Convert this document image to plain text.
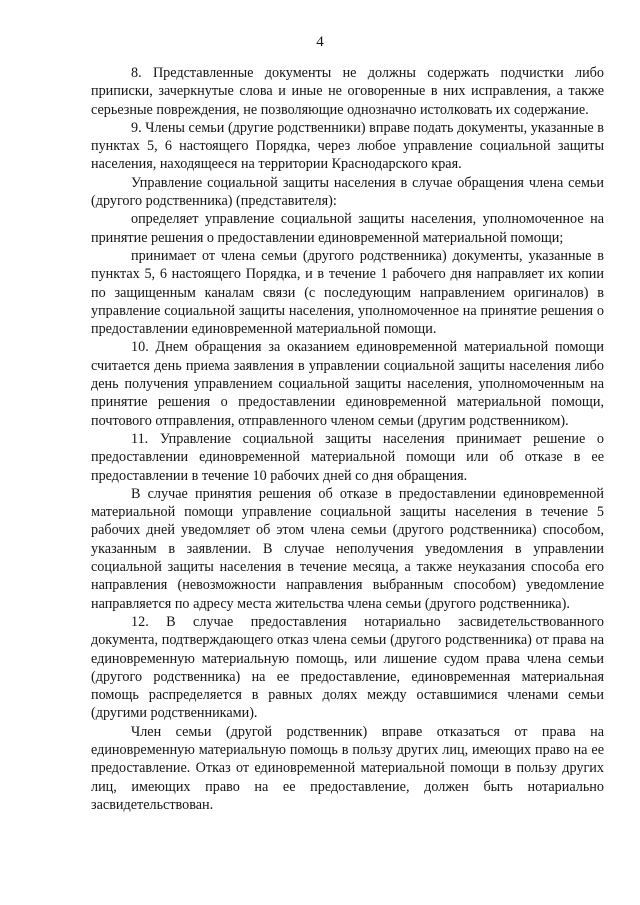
4

8. Представленные документы не должны содержать подчистки либо приписки, зачеркнутые слова и иные не оговоренные в них исправления, а также серьезные повреждения, не позволяющие однозначно истолковать их содержание.

9. Члены семьи (другие родственники) вправе подать документы, указанные в пунктах 5, 6 настоящего Порядка, через любое управление социальной защиты населения, находящееся на территории Краснодарского края.

Управление социальной защиты населения в случае обращения члена семьи (другого родственника) (представителя):

определяет управление социальной защиты населения, уполномоченное на принятие решения о предоставлении единовременной материальной помощи;

принимает от члена семьи (другого родственника) документы, указанные в пунктах 5, 6 настоящего Порядка, и в течение 1 рабочего дня направляет их копии по защищенным каналам связи (с последующим направлением оригиналов) в управление социальной защиты населения, уполномоченное на принятие решения о предоставлении единовременной материальной помощи.

10. Днем обращения за оказанием единовременной материальной помощи считается день приема заявления в управлении социальной защиты населения либо день получения управлением социальной защиты населения, уполномоченным на принятие решения о предоставлении единовременной материальной помощи, почтового отправления, отправленного членом семьи (другим родственником).

11. Управление социальной защиты населения принимает решение о предоставлении единовременной материальной помощи или об отказе в ее предоставлении в течение 10 рабочих дней со дня обращения.

В случае принятия решения об отказе в предоставлении единовременной материальной помощи управление социальной защиты населения в течение 5 рабочих дней уведомляет об этом члена семьи (другого родственника) способом, указанным в заявлении. В случае неполучения уведомления в управлении социальной защиты населения в течение месяца, а также неуказания способа его направления (невозможности направления выбранным способом) уведомление направляется по адресу места жительства члена семьи (другого родственника).

12. В случае предоставления нотариально засвидетельствованного документа, подтверждающего отказ члена семьи (другого родственника) от права на единовременную материальную помощь, или лишение судом права члена семьи (другого родственника) на ее предоставление, единовременная материальная помощь распределяется в равных долях между оставшимися членами семьи (другими родственниками).

Член семьи (другой родственник) вправе отказаться от права на единовременную материальную помощь в пользу других лиц, имеющих право на ее предоставление. Отказ от единовременной материальной помощи в пользу других лиц, имеющих право на ее предоставление, должен быть нотариально засвидетельствован.
